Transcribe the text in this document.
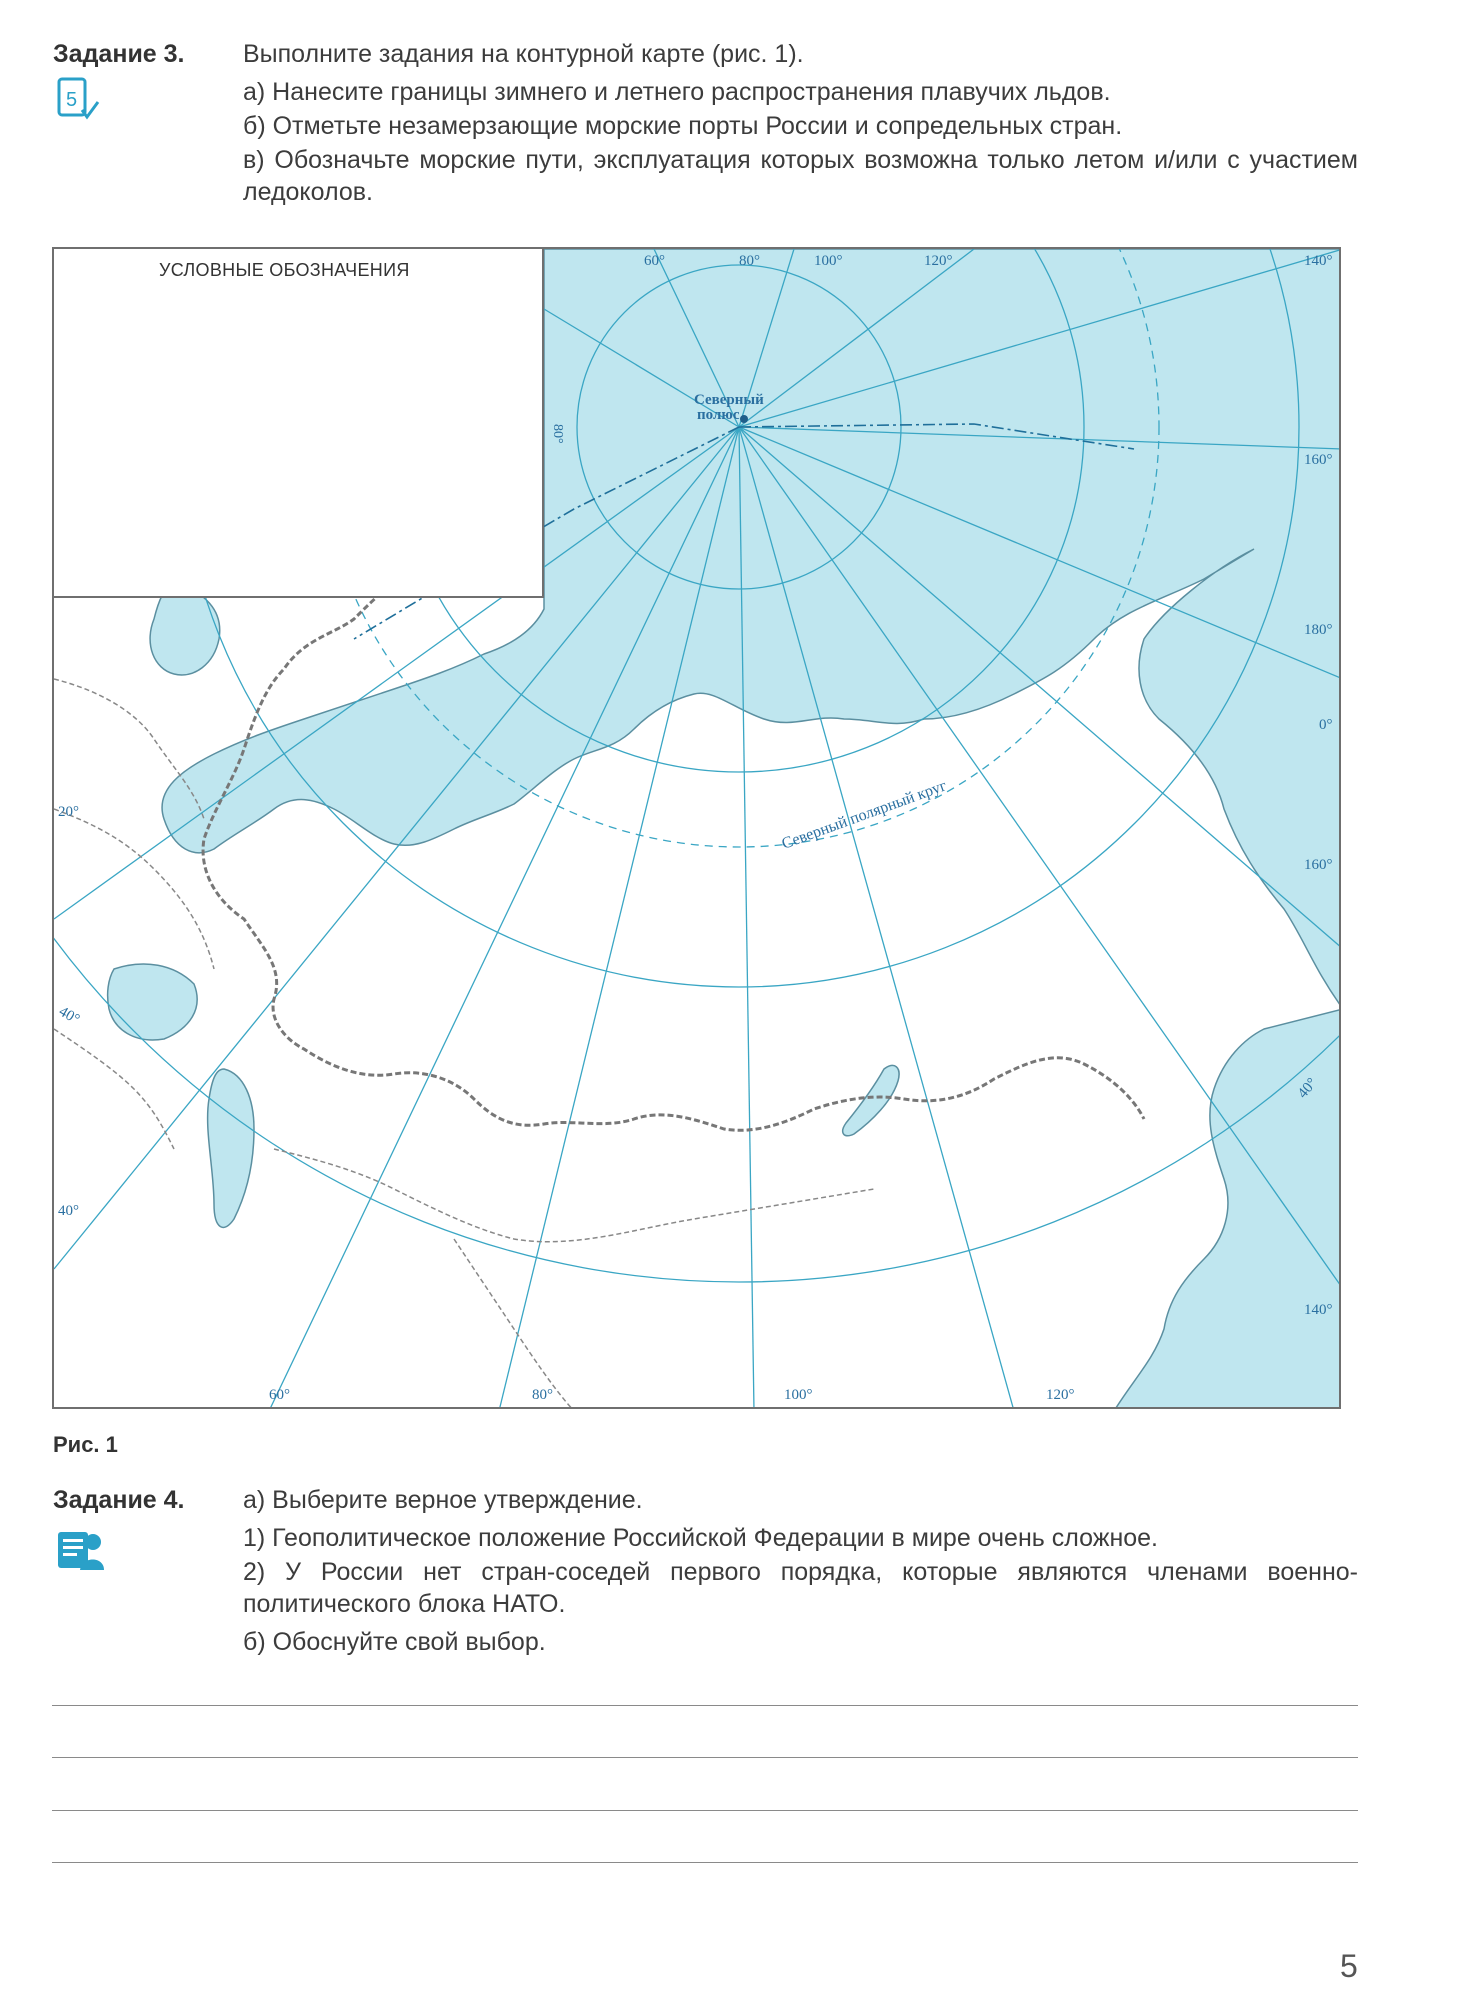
Задание 3. Выполните задания на контурной карте (рис. 1).
5	а) Нанесите границы зимнего и летнего распространения плавучих льдов.
б) Отметьте незамерзающие морские порты России и сопредельных стран.
в) Обозначьте морские пути, эксплуатация которых возможна только летом и/или с участием ледоколов.
Северный
полюс
80°
Северный полярный круг
60°	80°	100°	120°	140°
160°
180°
0°
160°
40°
140°
20°
40°
40°
60°	80°	100°	120°
УСЛОВНЫЕ ОБОЗНАЧЕНИЯ
Рис. 1
Задание 4. а) Выберите верное утверждение.
1) Геополитическое положение Российской Федерации в мире очень сложное.
2) У России нет стран-соседей первого порядка, которые являются членами военно-политического блока НАТО.
б) Обоснуйте свой выбор.
5
